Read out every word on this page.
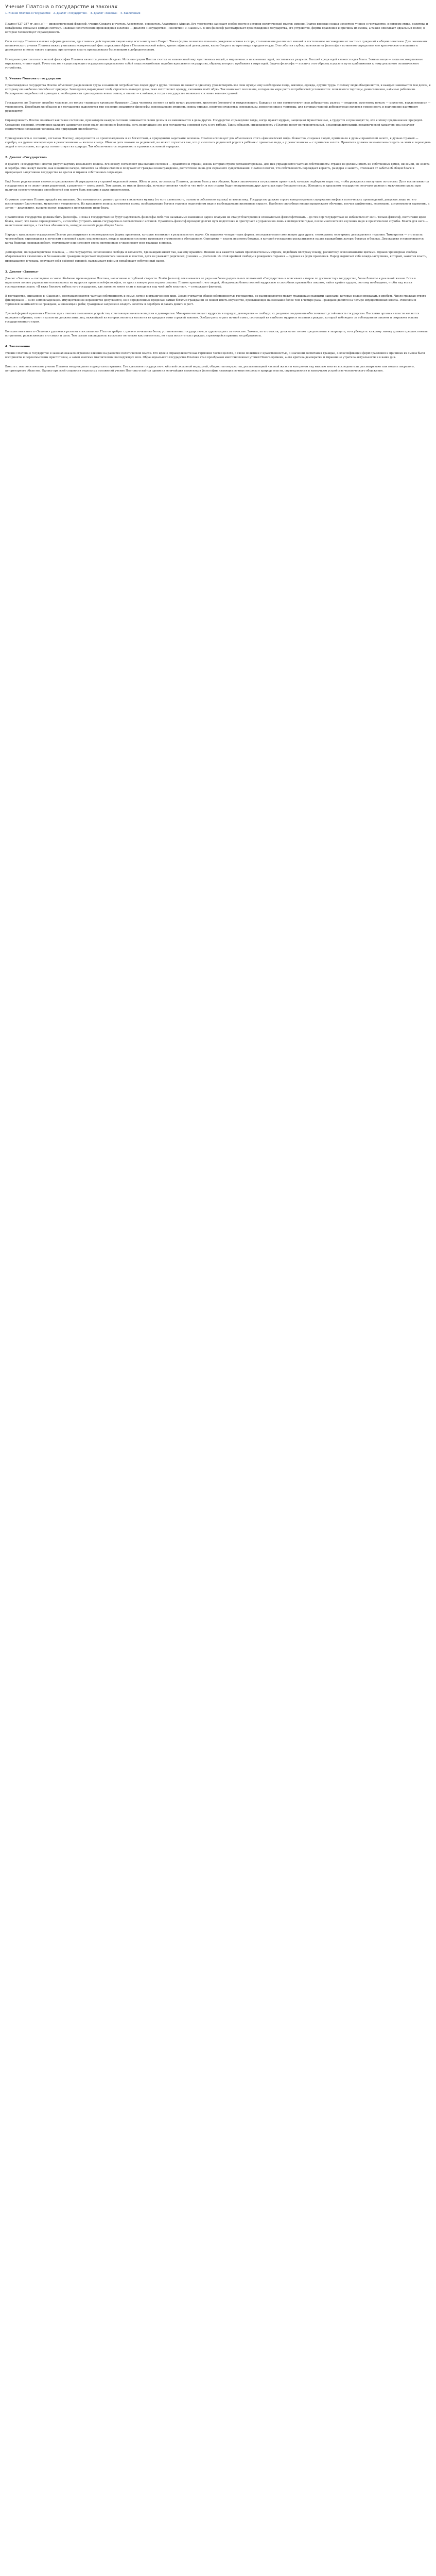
Учение Платона о государстве и законах
1. Учение Платона о государстве 2. Диалог «Государство» 3. Диалог «Законы» 4. Заключение

Платон (427–347 гг. до н.э.) — древнегреческий философ, ученик Сократа и учитель Аристотеля, основатель Академии в Афинах. Его творчество занимает особое место в истории политической мысли: именно Платон впервые создал целостное учение о государстве, в котором этика, политика и метафизика связаны в единую систему. Главные политические произведения Платона — диалоги «Государство», «Политик» и «Законы». В них философ рассматривает происхождение государства, его устройство, формы правления и причины их смены, а также описывает идеальный полис, в котором господствует справедливость.

Свои взгляды Платон излагает в форме диалогов, где главным действующим лицом чаще всего выступает Сократ. Такая форма позволяла показать рождение истины в споре, столкновение различных мнений и постепенное восхождение от частных суждений к общим понятиям. Для понимания политического учения Платона важно учитывать исторический фон: поражение Афин в Пелопоннесской войне, кризис афинской демократии, казнь Сократа по приговору народного суда. Эти события глубоко повлияли на философа и во многом определили его критическое отношение к демократии и поиск такого порядка, при котором власть принадлежала бы знающим и добродетельным.

Исходным пунктом политической философии Платона является учение об идеях. Истинно сущим Платон считал не изменчивый мир чувственных вещей, а мир вечных и неизменных идей, постигаемых разумом. Высшей среди идей является идея блага. Земные вещи — лишь несовершенные отражения, «тени» идей. Точно так же и существующие государства представляют собой лишь искажённые подобия идеального государства, образец которого пребывает в мире идей. Задача философа — постичь этот образец и указать пути приближения к нему реального политического устройства.

1. Учение Платона о государстве

Происхождение государства Платон объясняет разделением труда и взаимной потребностью людей друг в друге. Человек не может в одиночку удовлетворить все свои нужды: ему необходимы пища, жилище, одежда, орудия труда. Поэтому люди объединяются, и каждый занимается тем делом, к которому он наиболее способен от природы. Земледелец выращивает хлеб, строитель возводит дома, ткач изготовляет одежду, сапожник шьёт обувь. Так возникает поселение, которое по мере роста потребностей усложняется: появляются торговцы, ремесленники, наёмные работники. Расширение потребностей приводит к необходимости присоединять новые земли, а значит — к войнам, и тогда в государстве возникает сословие воинов-стражей.

Государство, по Платону, подобно человеку, но только «написано крупными буквами». Душа человека состоит из трёх начал: разумного, яростного (волевого) и вожделеющего. Каждому из них соответствует своя добродетель: разуму — мудрость, яростному началу — мужество, вожделеющему — умеренность. Подобным же образом и в государстве выделяются три сословия: правители-философы, воплощающие мудрость; воины-стражи, носители мужества; земледельцы, ремесленники и торговцы, для которых главной добродетелью является умеренность и подчинение разумному руководству.

Справедливость Платон понимает как такое состояние, при котором каждое сословие занимается своим делом и не вмешивается в дела других. Государство справедливо тогда, когда правят мудрые, защищают мужественные, а трудятся и производят те, кто к этому предназначен природой. Смешение сословий, стремление каждого заниматься всем сразу, по мнению философа, есть величайшее зло для государства и прямой путь к его гибели. Таким образом, справедливость у Платона носит не уравнительный, а распределительный, иерархический характер: она означает соответствие положения человека его природным способностям.

Принадлежность к сословию, согласно Платону, определяется не происхождением и не богатством, а природными задатками человека. Платон использует для объяснения этого «финикийский миф»: божество, создавая людей, примешало к душам правителей золото, к душам стражей — серебро, а к душам земледельцев и ремесленников — железо и медь. Обычно дети похожи на родителей, но может случиться так, что у «золотых» родителей родится ребёнок с примесью меди, а у ремесленника — с примесью золота. Правители должны внимательно следить за этим и переводить людей в то сословие, которому соответствует их природа. Так обеспечивается подвижность в рамках сословной иерархии.

2. Диалог «Государство»

В диалоге «Государство» Платон рисует картину идеального полиса. Его основу составляют два высших сословия — правители и стражи, жизнь которых строго регламентирована. Для них упраздняется частная собственность: стражи не должны иметь ни собственных домов, ни земли, ни золота и серебра. Они живут вместе, как в военном лагере, питаются за общим столом и получают от граждан вознаграждение, достаточное лишь для скромного существования. Платон полагал, что собственность порождает корысть, раздоры и зависть, отвлекает от заботы об общем благе и превращает защитников государства во врагов и тиранов собственных сограждан.

Ещё более радикальным является предложение об упразднении у стражей отдельной семьи. Жёны и дети, по замыслу Платона, должны быть у них общими; браки заключаются по указанию правителей, которые подбирают пары так, чтобы рождалось наилучшее потомство. Дети воспитываются государством и не знают своих родителей, а родители — своих детей. Тем самым, по мысли философа, исчезнут понятия «моё» и «не моё», и все стражи будут воспринимать друг друга как одну большую семью. Женщины в идеальном государстве получают равные с мужчинами права: при наличии соответствующих способностей они могут быть воинами и даже правителями.

Огромное значение Платон придаёт воспитанию. Оно начинается с раннего детства и включает музыку (то есть словесность, поэзию и собственно музыку) и гимнастику. Государство должно строго контролировать содержание мифов и поэтических произведений, допуская лишь те, что воспитывают благочестие, мужество и умеренность. Из идеального полиса изгоняются поэты, изображающие богов и героев в недостойном виде и возбуждающие низменные страсти. Наиболее способные юноши продолжают обучение, изучая арифметику, геометрию, астрономию и гармонию, а затем — диалектику, высшую науку, ведущую к постижению идеи блага.

Правителями государства должны быть философы. «Пока в государствах не будут царствовать философы либо так называемые нынешние цари и владыки не станут благородно и основательно философствовать… до тех пор государствам не избавиться от зол». Только философ, постигший идею блага, знает, что такое справедливость, и способен устроить жизнь государства в соответствии с истиной. Правитель-философ проходит долгий путь подготовки и приступает к управлению лишь к пятидесяти годам, после многолетнего изучения наук и практической службы. Власть для него — не источник выгоды, а тяжёлая обязанность, которую он несёт ради общего блага.

Наряду с идеальным государством Платон рассматривает и несовершенные формы правления, которые возникают в результате его порчи. Он выделяет четыре таких формы, последовательно сменяющие друг друга: тимократию, олигархию, демократию и тиранию. Тимократия — это власть честолюбцев, стремящихся к почестям и военной славе; она возникает, когда в правящее сословие проникает стремление к обогащению. Олигархия — власть немногих богатых, в которой государство раскалывается на два враждебных лагеря: богатых и бедных. Демократия устанавливается, когда бедняки, одержав победу, уничтожают или изгоняют своих противников и уравнивают всех граждан в правах.

Демократия, по характеристике Платона, — это государство, исполненное свободы и вольности, где каждый живёт так, как ему нравится. Внешне она кажется самым привлекательным строем, подобным пёстрому плащу, расшитому всевозможными цветами. Однако чрезмерная свобода оборачивается своеволием и беззаконием: граждане перестают подчиняться законам и властям, дети не уважают родителей, ученики — учителей. Из этой крайней свободы и рождается тирания — худшая из форм правления. Народ выдвигает себе вождя-заступника, который, захватив власть, превращается в тирана, окружает себя наёмной охраной, развязывает войны и порабощает собственный народ.

3. Диалог «Законы»

Диалог «Законы» — последнее и самое объёмное произведение Платона, написанное в глубокой старости. В нём философ отказывается от ряда наиболее радикальных положений «Государства» и описывает «второе по достоинству» государство, более близкое к реальной жизни. Если в идеальном полисе управление основывалось на мудрости правителей-философов, то здесь главную роль играют законы. Платон признаёт, что людей, обладающих божественной мудростью и способных править без законов, найти крайне трудно, поэтому необходимо, чтобы над всеми господствовал закон. «Я вижу близкую гибель того государства, где закон не имеет силы и находится под чьей-либо властью», — утверждает философ.

В государстве, описанном в «Законах», восстанавливаются частная собственность и семья, хотя и в ограниченном виде. Земля считается общей собственностью государства, но распределяется между гражданами равными наделами, которые нельзя продавать и дробить. Число граждан строго фиксировано — 5040 землевладельцев. Имущественное неравенство допускается, но в определённых пределах: самый богатый гражданин не может иметь имущество, превышающее наименьшее более чем в четыре раза. Граждане делятся на четыре имущественных класса. Ремеслом и торговлей занимаются не граждане, а иноземцы и рабы; гражданам запрещено владеть золотом и серебром и давать деньги в рост.

Лучшей формой правления Платон здесь считает смешанное устройство, сочетающее начала монархии и демократии. Монархия воплощает мудрость и порядок, демократия — свободу; их разумное соединение обеспечивает устойчивость государства. Высшими органами власти являются народное собрание, совет и коллегии должностных лиц, важнейшей из которых является коллегия из тридцати семи стражей законов. Особую роль играет ночной совет, состоящий из наиболее мудрых и опытных граждан, который наблюдает за соблюдением законов и сохраняет основы государственного строя.

Большое внимание в «Законах» уделяется религии и воспитанию. Платон требует строгого почитания богов, установленных государством, и сурово карает за нечестие. Законы, по его мысли, должны не только предписывать и запрещать, но и убеждать: каждому закону должно предшествовать вступление, разъясняющее его смысл и цели. Тем самым законодатель выступает не только как повелитель, но и как воспитатель граждан, стремящийся привить им добродетель.

4. Заключение

Учение Платона о государстве и законах оказало огромное влияние на развитие политической мысли. Его идеи о справедливости как гармонии частей целого, о связи политики с нравственностью, о значении воспитания граждан, о классификации форм правления и причинах их смены были восприняты и переосмыслены Аристотелем, а затем многими мыслителями последующих эпох. Образ идеального государства Платона стал прообразом многочисленных утопий Нового времени, а его критика демократии и тирании не утратила актуальности и в наши дни.

Вместе с тем политическое учение Платона неоднократно подвергалось критике. Его идеальное государство с жёсткой сословной иерархией, общностью имущества, регламентацией частной жизни и контролем над мыслью многие исследователи рассматривают как модель закрытого, авторитарного общества. Однако при всей спорности отдельных положений учение Платона остаётся одним из величайших памятников философии, ставящим вечные вопросы о природе власти, справедливости и наилучшем устройстве человеческого общежития.
